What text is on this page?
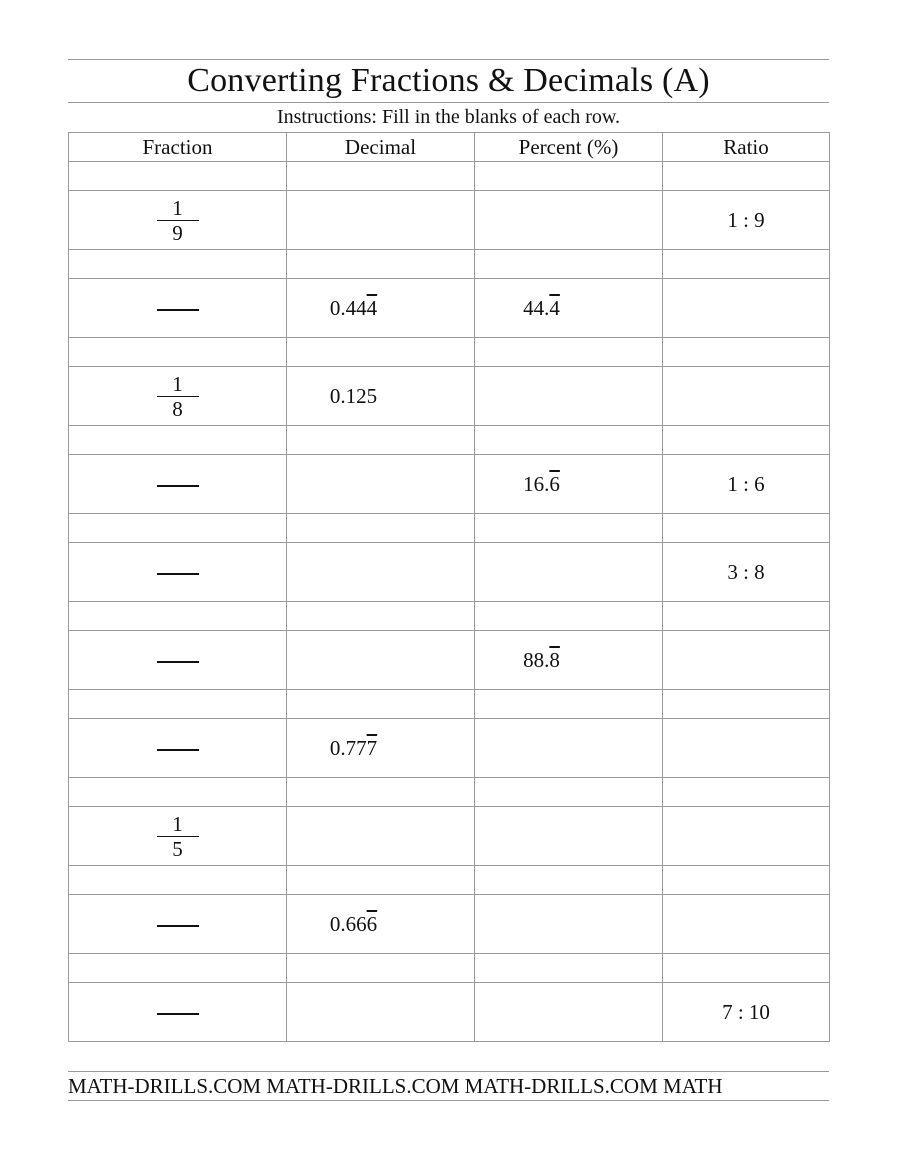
Converting Fractions & Decimals (A)
Instructions: Fill in the blanks of each row.
Fraction	Decimal	Percent (%)	Ratio

$\frac{1}{9}$			1 : 9

	0.444	44.4	

$\frac{1}{8}$	0.125		

		16.6	1 : 6

			3 : 8

		88.8	

	0.777		

$\frac{1}{5}$

	0.666		

			7 : 10
MATH-DRILLS.COM MATH-DRILLS.COM MATH-DRILLS.COM MATH
